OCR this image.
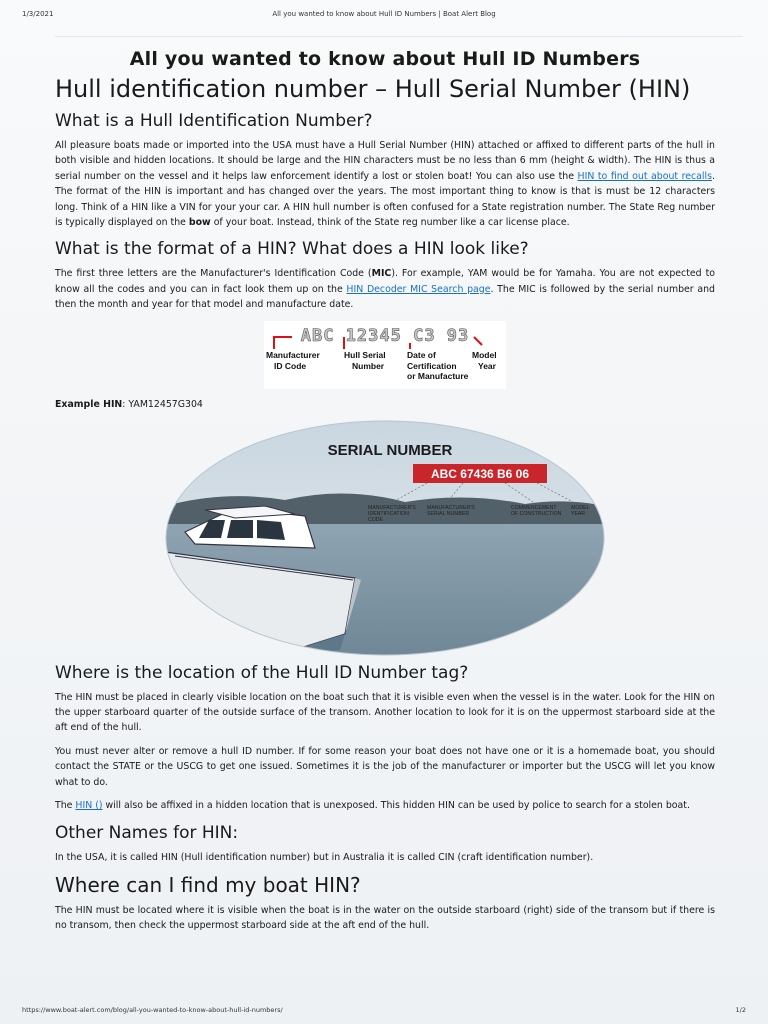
1/3/2021	All you wanted to know about Hull ID Numbers | Boat Alert Blog
All you wanted to know about Hull ID Numbers
Hull identification number – Hull Serial Number (HIN)
What is a Hull Identification Number?

All pleasure boats made or imported into the USA must have a Hull Serial Number (HIN) attached or affixed to different parts of the hull in both visible and hidden locations. It should be large and the HIN characters must be no less than 6 mm (height & width). The HIN is thus a serial number on the vessel and it helps law enforcement identify a lost or stolen boat! You can also use the HIN to find out about recalls. The format of the HIN is important and has changed over the years. The most important thing to know is that is must be 12 characters long. Think of a HIN like a VIN for your your car. A HIN hull number is often confused for a State registration number. The State Reg number is typically displayed on the bow of your boat. Instead, think of the State reg number like a car license place.

What is the format of a HIN? What does a HIN look like?

The first three letters are the Manufacturer's Identification Code (MIC). For example, YAM would be for Yamaha. You are not expected to know all the codes and you can in fact look them up on the HIN Decoder MIC Search page. The MIC is followed by the serial number and then the month and year for that model and manufacture date.

ABC 12345 C3 93
Manufacturer
ID Code
Hull Serial
Number
Date of
Certification
or Manufacture
Model
Year
Example HIN: YAM12457G304
SERIAL NUMBER
ABC 67436 B6 06
MANUFACTURER'S
IDENTIFICATION
CODE
MANUFACTURER'S
SERIAL NUMBER
COMMENCEMENT
OF CONSTRUCTION
MODEL
YEAR
Where is the location of the Hull ID Number tag?

The HIN must be placed in clearly visible location on the boat such that it is visible even when the vessel is in the water. Look for the HIN on the upper starboard quarter of the outside surface of the transom. Another location to look for it is on the uppermost starboard side at the aft end of the hull.

You must never alter or remove a hull ID number. If for some reason your boat does not have one or it is a homemade boat, you should contact the STATE or the USCG to get one issued. Sometimes it is the job of the manufacturer or importer but the USCG will let you know what to do.

The HIN () will also be affixed in a hidden location that is unexposed. This hidden HIN can be used by police to search for a stolen boat.

Other Names for HIN:

In the USA, it is called HIN (Hull identification number) but in Australia it is called CIN (craft identification number).

Where can I find my boat HIN?

The HIN must be located where it is visible when the boat is in the water on the outside starboard (right) side of the transom but if there is no transom, then check the uppermost starboard side at the aft end of the hull.

https://www.boat-alert.com/blog/all-you-wanted-to-know-about-hull-id-numbers/	1/2
